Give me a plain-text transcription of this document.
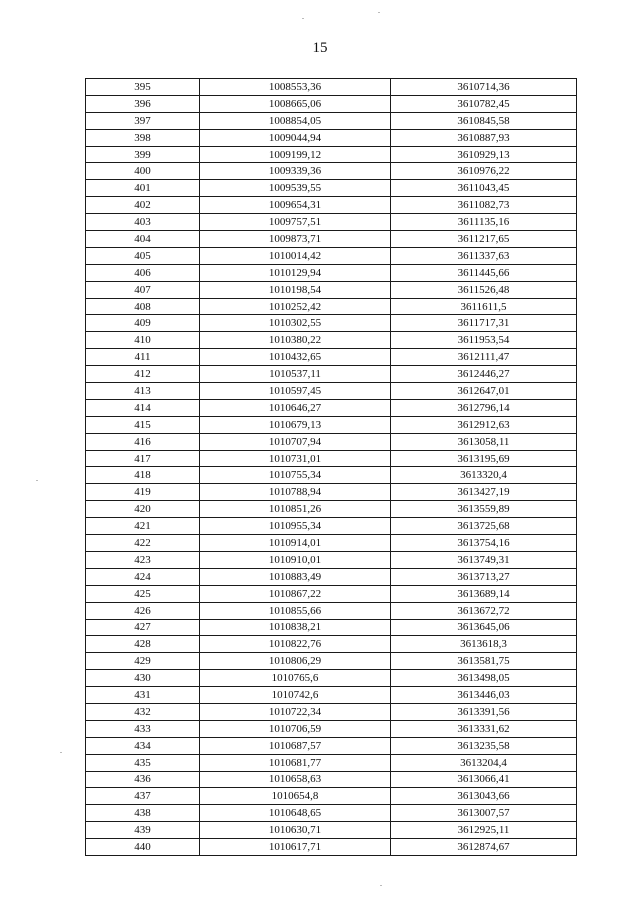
15
395	1008553,36	3610714,36
396	1008665,06	3610782,45
397	1008854,05	3610845,58
398	1009044,94	3610887,93
399	1009199,12	3610929,13
400	1009339,36	3610976,22
401	1009539,55	3611043,45
402	1009654,31	3611082,73
403	1009757,51	3611135,16
404	1009873,71	3611217,65
405	1010014,42	3611337,63
406	1010129,94	3611445,66
407	1010198,54	3611526,48
408	1010252,42	3611611,5
409	1010302,55	3611717,31
410	1010380,22	3611953,54
411	1010432,65	3612111,47
412	1010537,11	3612446,27
413	1010597,45	3612647,01
414	1010646,27	3612796,14
415	1010679,13	3612912,63
416	1010707,94	3613058,11
417	1010731,01	3613195,69
418	1010755,34	3613320,4
419	1010788,94	3613427,19
420	1010851,26	3613559,89
421	1010955,34	3613725,68
422	1010914,01	3613754,16
423	1010910,01	3613749,31
424	1010883,49	3613713,27
425	1010867,22	3613689,14
426	1010855,66	3613672,72
427	1010838,21	3613645,06
428	1010822,76	3613618,3
429	1010806,29	3613581,75
430	1010765,6	3613498,05
431	1010742,6	3613446,03
432	1010722,34	3613391,56
433	1010706,59	3613331,62
434	1010687,57	3613235,58
435	1010681,77	3613204,4
436	1010658,63	3613066,41
437	1010654,8	3613043,66
438	1010648,65	3613007,57
439	1010630,71	3612925,11
440	1010617,71	3612874,67
